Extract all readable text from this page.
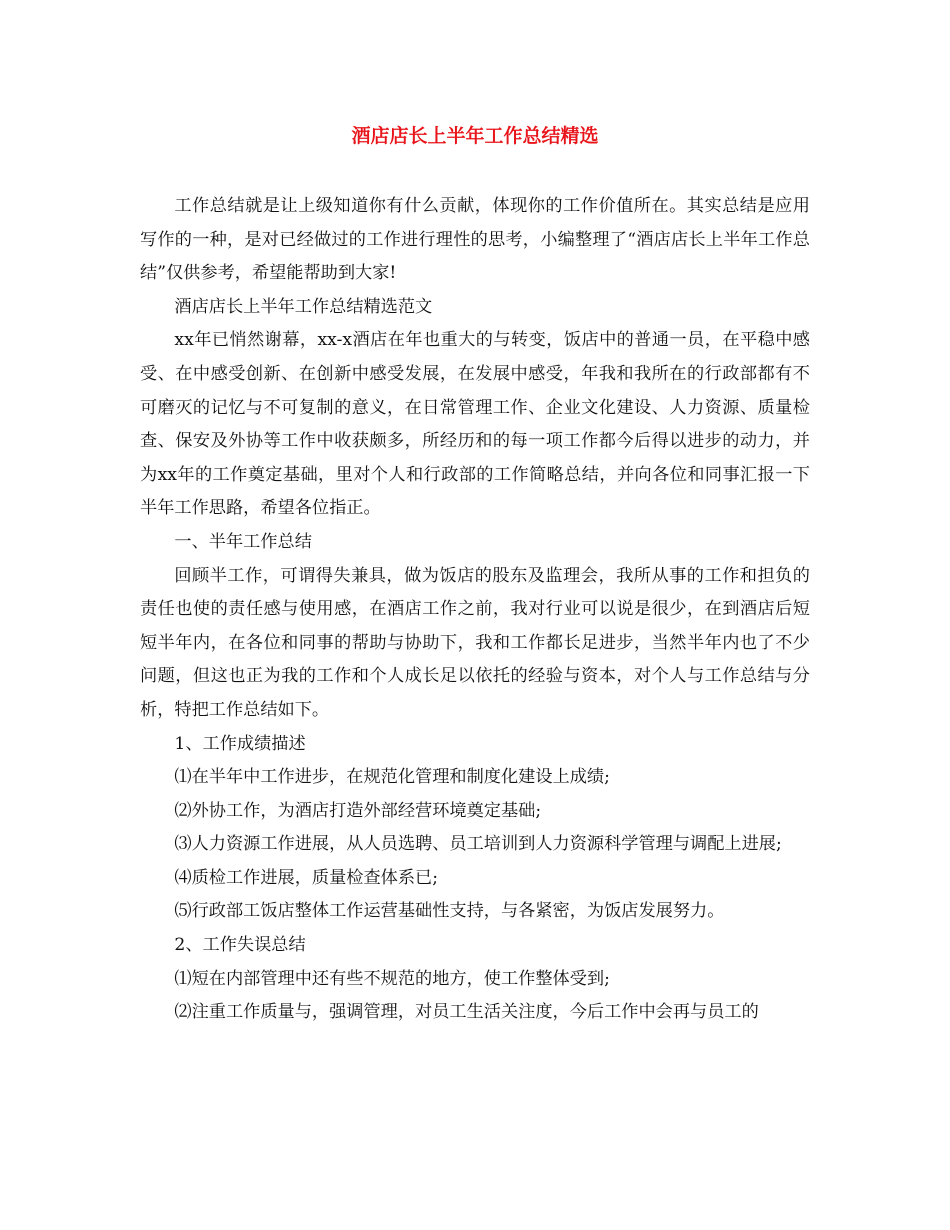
酒店店长上半年工作总结精选

工作总结就是让上级知道你有什么贡献，体现你的工作价值所在。其实总结是应用写作的一种，是对已经做过的工作进行理性的思考，小编整理了“酒店店长上半年工作总结”仅供参考，希望能帮助到大家!

酒店店长上半年工作总结精选范文

xx年已悄然谢幕，xx-x酒店在年也重大的与转变，饭店中的普通一员，在平稳中感受、在中感受创新、在创新中感受发展，在发展中感受，年我和我所在的行政部都有不可磨灭的记忆与不可复制的意义，在日常管理工作、企业文化建设、人力资源、质量检查、保安及外协等工作中收获颇多，所经历和的每一项工作都今后得以进步的动力，并为xx年的工作奠定基础，里对个人和行政部的工作简略总结，并向各位和同事汇报一下半年工作思路，希望各位指正。

一、半年工作总结

回顾半工作，可谓得失兼具，做为饭店的股东及监理会，我所从事的工作和担负的责任也使的责任感与使用感，在酒店工作之前，我对行业可以说是很少，在到酒店后短短半年内，在各位和同事的帮助与协助下，我和工作都长足进步，当然半年内也了不少问题，但这也正为我的工作和个人成长足以依托的经验与资本，对个人与工作总结与分析，特把工作总结如下。

1、工作成绩描述

⑴在半年中工作进步，在规范化管理和制度化建设上成绩;

⑵外协工作，为酒店打造外部经营环境奠定基础;

⑶人力资源工作进展，从人员选聘、员工培训到人力资源科学管理与调配上进展;

⑷质检工作进展，质量检查体系已;

⑸行政部工饭店整体工作运营基础性支持，与各紧密，为饭店发展努力。

2、工作失误总结

⑴短在内部管理中还有些不规范的地方，使工作整体受到;

⑵注重工作质量与，强调管理，对员工生活关注度，今后工作中会再与员工的
